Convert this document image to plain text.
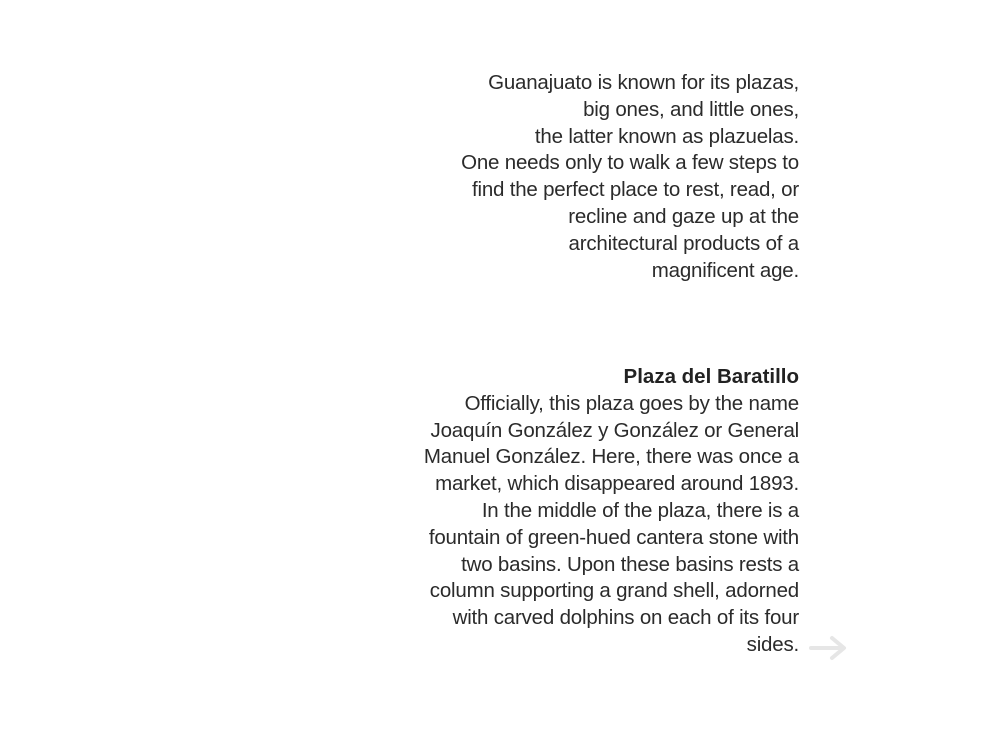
Guanajuato is known for its plazas,
big ones, and little ones,
the latter known as plazuelas.
One needs only to walk a few steps to
find the perfect place to rest, read, or
recline and gaze up at the
architectural products of a
magnificent age.
Plaza del Baratillo
Officially, this plaza goes by the name
Joaquín González y González or General
Manuel González. Here, there was once a
market, which disappeared around 1893.
In the middle of the plaza, there is a
fountain of green-hued cantera stone with
two basins. Upon these basins rests a
column supporting a grand shell, adorned
with carved dolphins on each of its four
sides.
